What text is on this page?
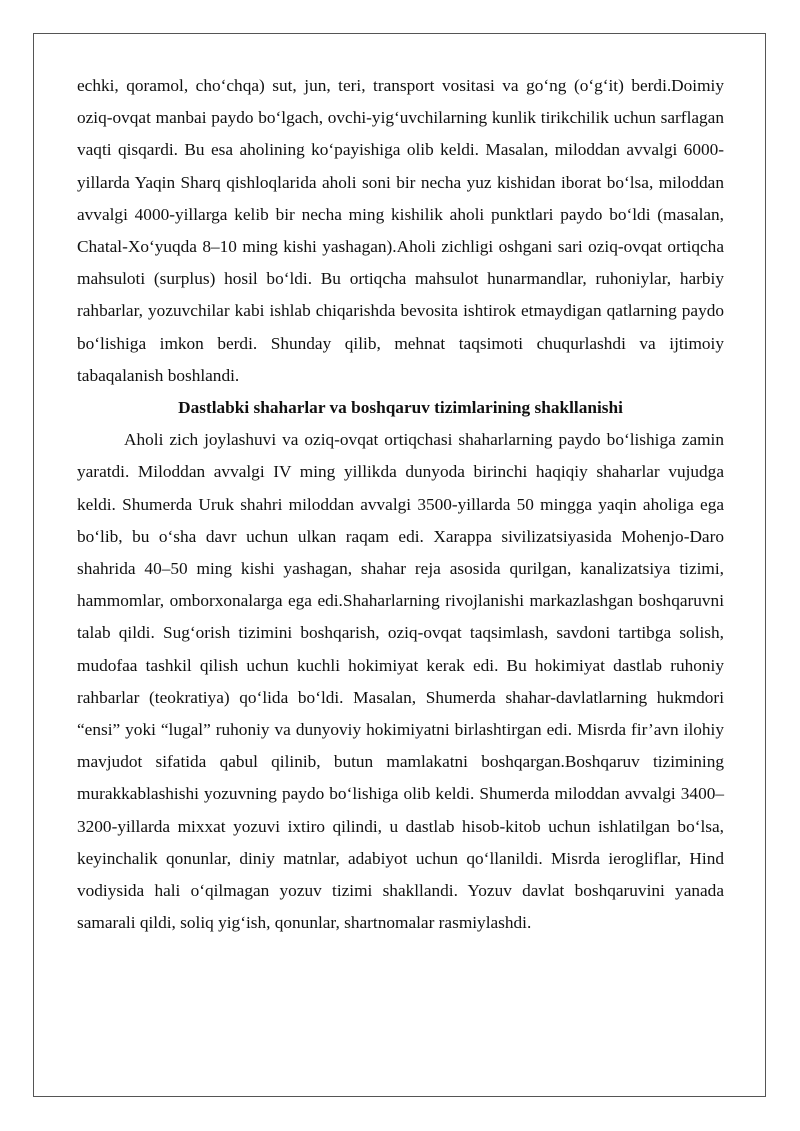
echki, qoramol, cho‘chqa) sut, jun, teri, transport vositasi va go‘ng (o‘g‘it) berdi.Doimiy oziq-ovqat manbai paydo bo‘lgach, ovchi-yig‘uvchilarning kunlik tirikchilik uchun sarflagan vaqti qisqardi. Bu esa aholining ko‘payishiga olib keldi. Masalan, miloddan avvalgi 6000-yillarda Yaqin Sharq qishloqlarida aholi soni bir necha yuz kishidan iborat bo‘lsa, miloddan avvalgi 4000-yillarga kelib bir necha ming kishilik aholi punktlari paydo bo‘ldi (masalan, Chatal-Xo‘yuqda 8–10 ming kishi yashagan).Aholi zichligi oshgani sari oziq-ovqat ortiqcha mahsuloti (surplus) hosil bo‘ldi. Bu ortiqcha mahsulot hunarmandlar, ruhoniylar, harbiy rahbarlar, yozuvchilar kabi ishlab chiqarishda bevosita ishtirok etmaydigan qatlarning paydo bo‘lishiga imkon berdi. Shunday qilib, mehnat taqsimoti chuqurlashdi va ijtimoiy tabaqalanish boshlandi.

Dastlabki shaharlar va boshqaruv tizimlarining shakllanishi

Aholi zich joylashuvi va oziq-ovqat ortiqchasi shaharlarning paydo bo‘lishiga zamin yaratdi. Miloddan avvalgi IV ming yillikda dunyoda birinchi haqiqiy shaharlar vujudga keldi. Shumerda Uruk shahri miloddan avvalgi 3500-yillarda 50 mingga yaqin aholiga ega bo‘lib, bu o‘sha davr uchun ulkan raqam edi. Xarappa sivilizatsiyasida Mohenjo-Daro shahrida 40–50 ming kishi yashagan, shahar reja asosida qurilgan, kanalizatsiya tizimi, hammomlar, omborxonalarga ega edi.Shaharlarning rivojlanishi markazlashgan boshqaruvni talab qildi. Sug‘orish tizimini boshqarish, oziq-ovqat taqsimlash, savdoni tartibga solish, mudofaa tashkil qilish uchun kuchli hokimiyat kerak edi. Bu hokimiyat dastlab ruhoniy rahbarlar (teokratiya) qo‘lida bo‘ldi. Masalan, Shumerda shahar-davlatlarning hukmdori “ensi” yoki “lugal” ruhoniy va dunyoviy hokimiyatni birlashtirgan edi. Misrda fir’avn ilohiy mavjudot sifatida qabul qilinib, butun mamlakatni boshqargan.Boshqaruv tizimining murakkablashishi yozuvning paydo bo‘lishiga olib keldi. Shumerda miloddan avvalgi 3400–3200-yillarda mixxat yozuvi ixtiro qilindi, u dastlab hisob-kitob uchun ishlatilgan bo‘lsa, keyinchalik qonunlar, diniy matnlar, adabiyot uchun qo‘llanildi. Misrda ierogliflar, Hind vodiysida hali o‘qilmagan yozuv tizimi shakllandi. Yozuv davlat boshqaruvini yanada samarali qildi, soliq yig‘ish, qonunlar, shartnomalar rasmiylashdi.
